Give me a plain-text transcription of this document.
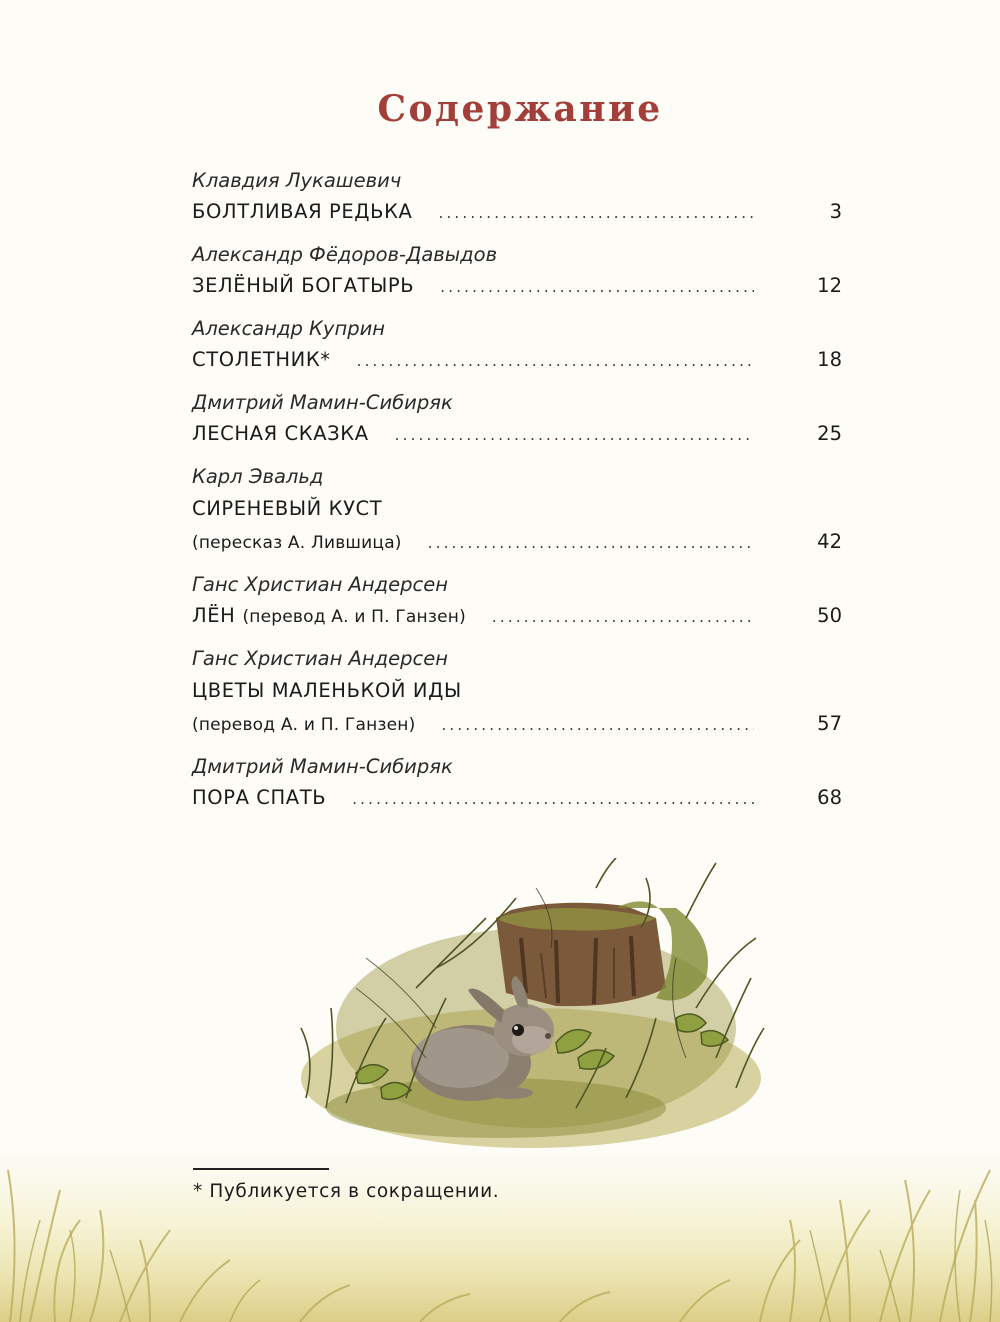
Содержание
Клавдия Лукашевич
БОЛТЛИВАЯ РЕДЬКА .....	3
Александр Фёдоров-Давыдов
ЗЕЛЁНЫЙ БОГАТЫРЬ .....	12
Александр Куприн
СТОЛЕТНИК* .....	18
Дмитрий Мамин-Сибиряк
ЛЕСНАЯ СКАЗКА .....	25
Карл Эвальд
СИРЕНЕВЫЙ КУСТ
(пересказ А. Лившица) .....	42
Ганс Христиан Андерсен
ЛЁН (перевод А. и П. Ганзен) .....	50
Ганс Христиан Андерсен
ЦВЕТЫ МАЛЕНЬКОЙ ИДЫ
(перевод А. и П. Ганзен) .....	57
Дмитрий Мамин-Сибиряк
ПОРА СПАТЬ .....	68
* Публикуется в сокращении.
